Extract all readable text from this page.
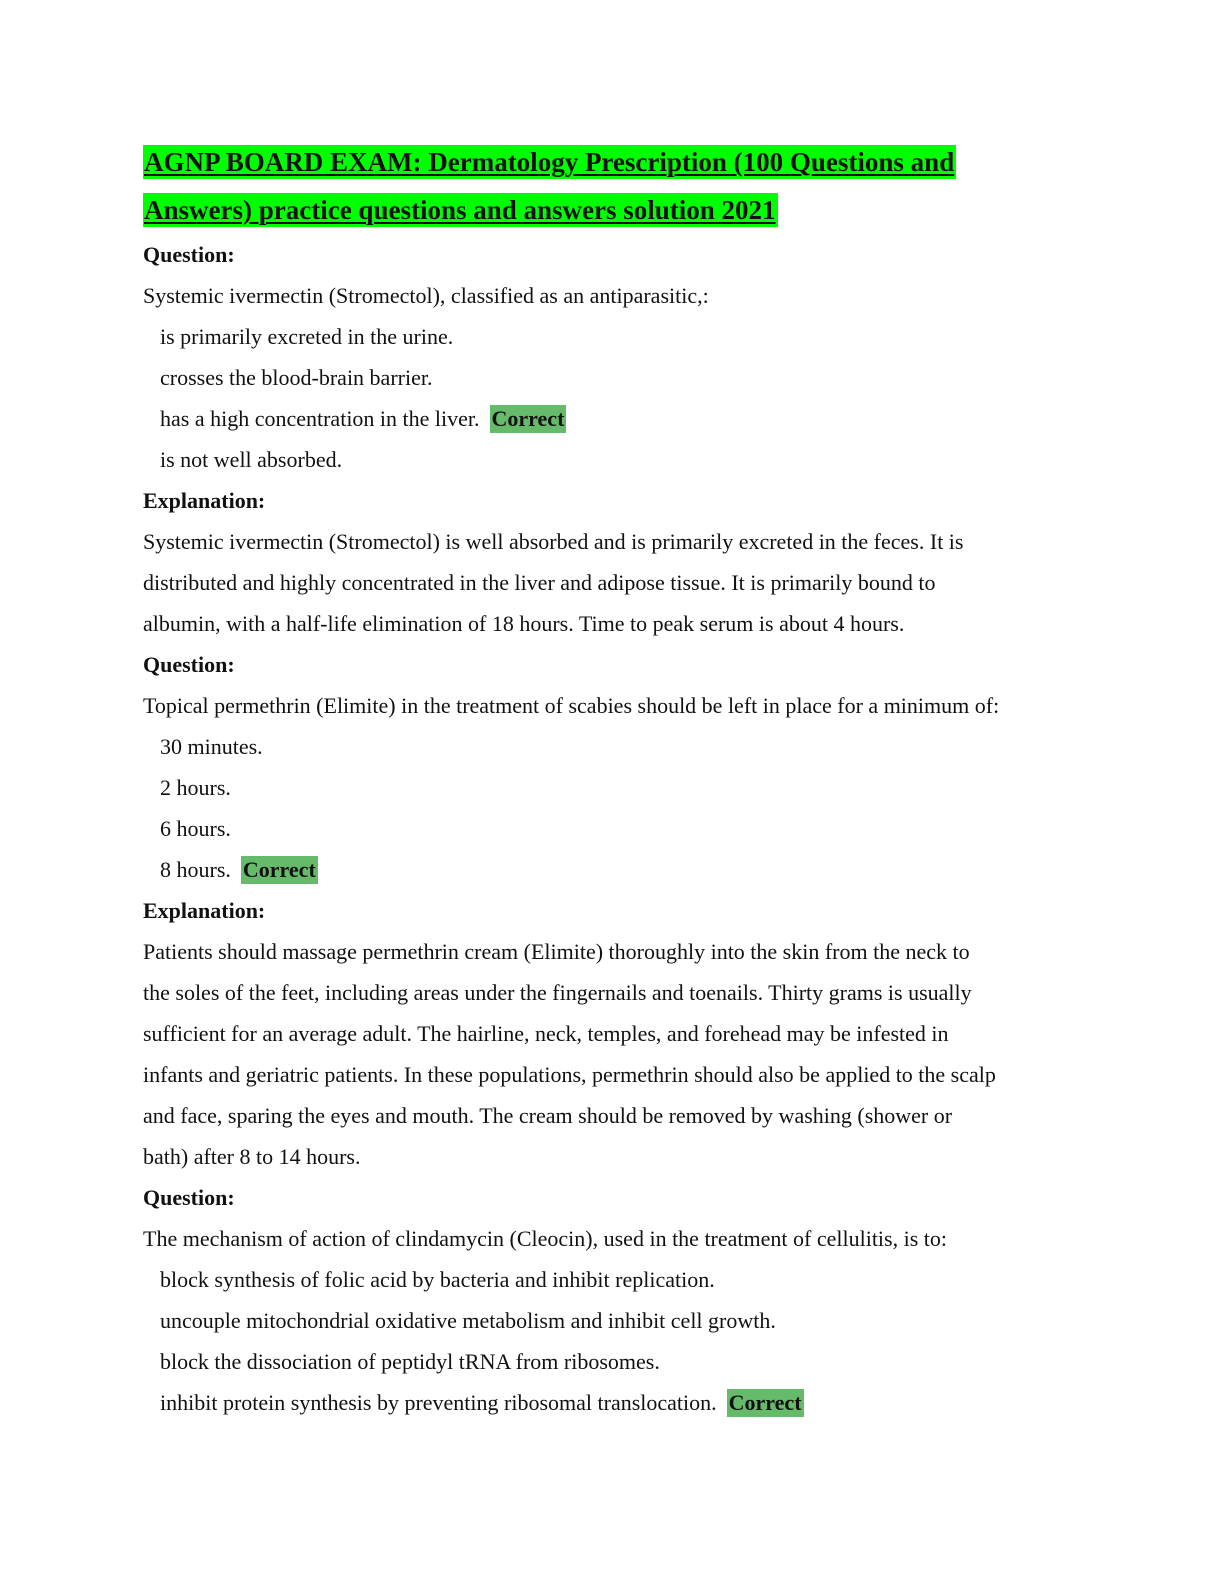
AGNP BOARD EXAM: Dermatology Prescription (100 Questions and
Answers) practice questions and answers solution 2021
Question:
Systemic ivermectin (Stromectol), classified as an antiparasitic,:
is primarily excreted in the urine.
crosses the blood-brain barrier.
has a high concentration in the liver. Correct
is not well absorbed.
Explanation:
Systemic ivermectin (Stromectol) is well absorbed and is primarily excreted in the feces. It is
distributed and highly concentrated in the liver and adipose tissue. It is primarily bound to
albumin, with a half-life elimination of 18 hours. Time to peak serum is about 4 hours.
Question:
Topical permethrin (Elimite) in the treatment of scabies should be left in place for a minimum of:
30 minutes.
2 hours.
6 hours.
8 hours. Correct
Explanation:
Patients should massage permethrin cream (Elimite) thoroughly into the skin from the neck to
the soles of the feet, including areas under the fingernails and toenails. Thirty grams is usually
sufficient for an average adult. The hairline, neck, temples, and forehead may be infested in
infants and geriatric patients. In these populations, permethrin should also be applied to the scalp
and face, sparing the eyes and mouth. The cream should be removed by washing (shower or
bath) after 8 to 14 hours.
Question:
The mechanism of action of clindamycin (Cleocin), used in the treatment of cellulitis, is to:
block synthesis of folic acid by bacteria and inhibit replication.
uncouple mitochondrial oxidative metabolism and inhibit cell growth.
block the dissociation of peptidyl tRNA from ribosomes.
inhibit protein synthesis by preventing ribosomal translocation. Correct
